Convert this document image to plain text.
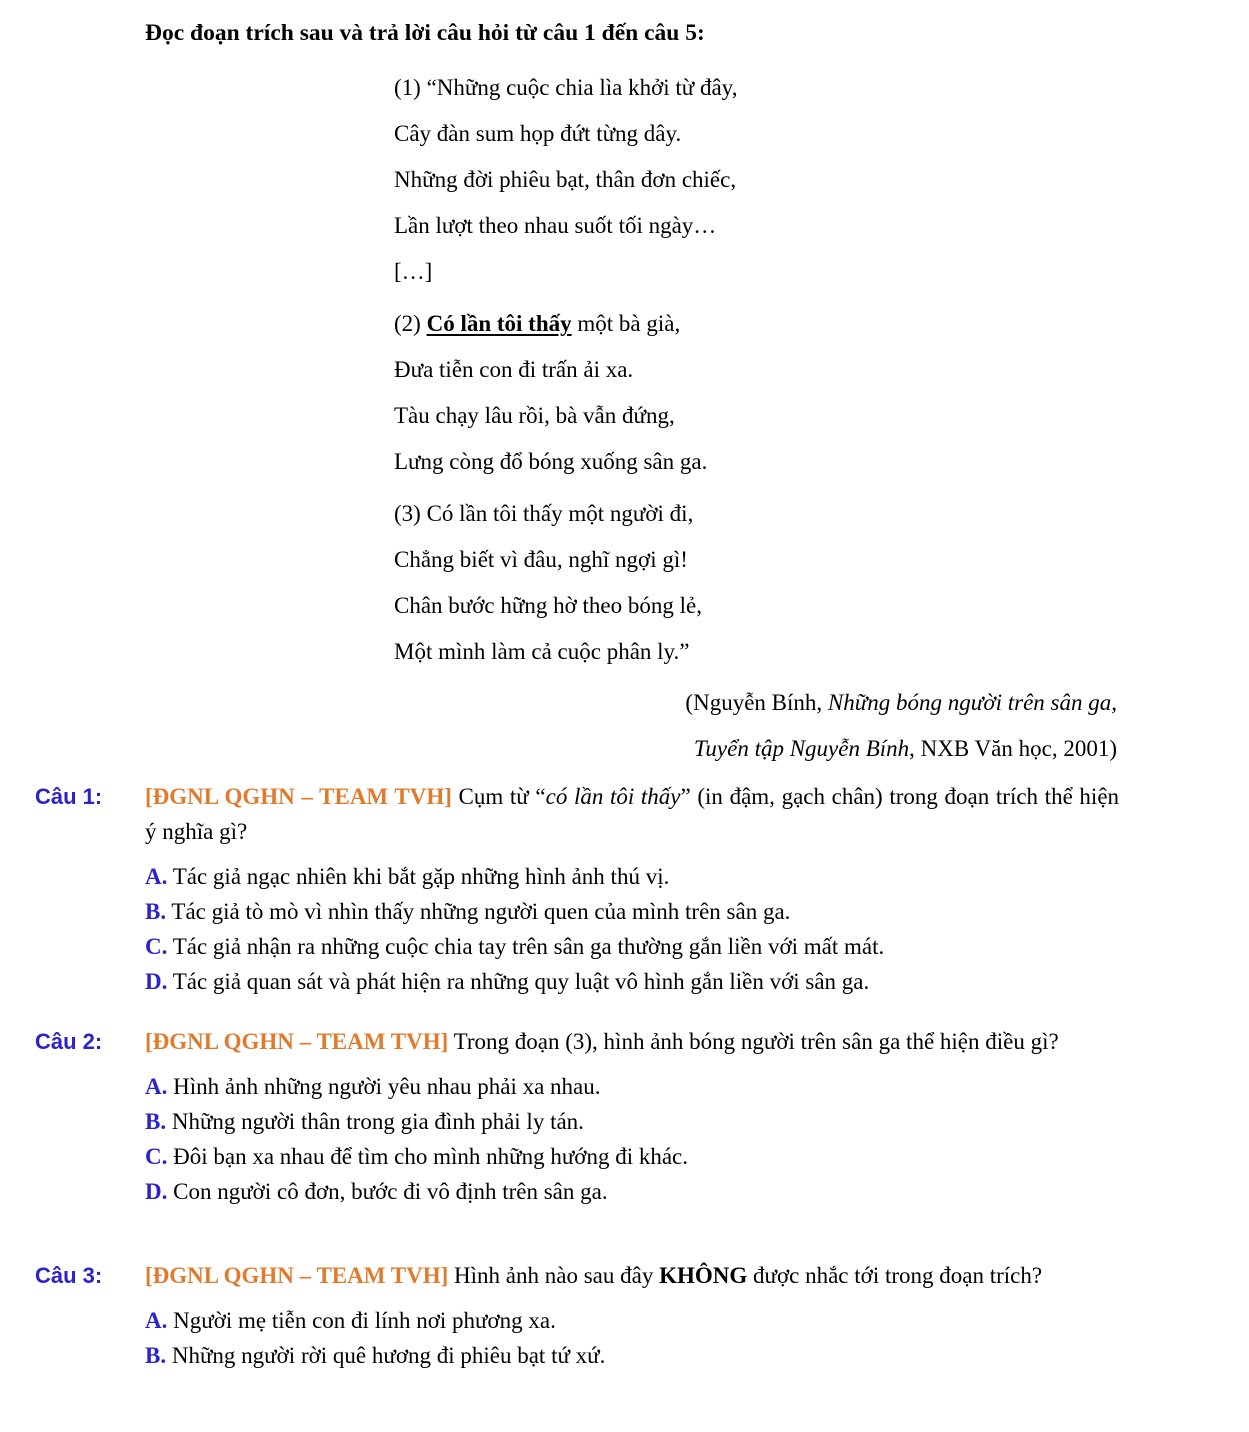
Đọc đoạn trích sau và trả lời câu hỏi từ câu 1 đến câu 5:
(1) “Những cuộc chia lìa khởi từ đây,
Cây đàn sum họp đứt từng dây.
Những đời phiêu bạt, thân đơn chiếc,
Lần lượt theo nhau suốt tối ngày…
[…]
(2) Có lần tôi thấy một bà già,
Đưa tiễn con đi trấn ải xa.
Tàu chạy lâu rồi, bà vẫn đứng,
Lưng còng đổ bóng xuống sân ga.
(3) Có lần tôi thấy một người đi,
Chẳng biết vì đâu, nghĩ ngợi gì!
Chân bước hững hờ theo bóng lẻ,
Một mình làm cả cuộc phân ly.”
(Nguyễn Bính, Những bóng người trên sân ga,
Tuyển tập Nguyễn Bính, NXB Văn học, 2001)
Câu 1: [ĐGNL QGHN – TEAM TVH] Cụm từ “có lần tôi thấy” (in đậm, gạch chân) trong đoạn trích thể hiện ý nghĩa gì?
A. Tác giả ngạc nhiên khi bắt gặp những hình ảnh thú vị.
B. Tác giả tò mò vì nhìn thấy những người quen của mình trên sân ga.
C. Tác giả nhận ra những cuộc chia tay trên sân ga thường gắn liền với mất mát.
D. Tác giả quan sát và phát hiện ra những quy luật vô hình gắn liền với sân ga.
Câu 2: [ĐGNL QGHN – TEAM TVH] Trong đoạn (3), hình ảnh bóng người trên sân ga thể hiện điều gì?
A. Hình ảnh những người yêu nhau phải xa nhau.
B. Những người thân trong gia đình phải ly tán.
C. Đôi bạn xa nhau để tìm cho mình những hướng đi khác.
D. Con người cô đơn, bước đi vô định trên sân ga.
Câu 3: [ĐGNL QGHN – TEAM TVH] Hình ảnh nào sau đây KHÔNG được nhắc tới trong đoạn trích?
A. Người mẹ tiễn con đi lính nơi phương xa.
B. Những người rời quê hương đi phiêu bạt tứ xứ.
